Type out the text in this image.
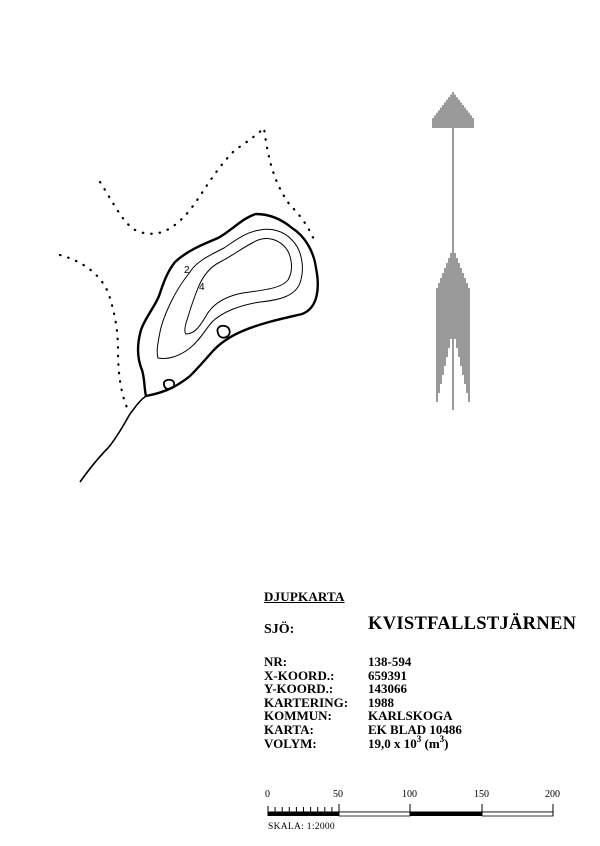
2
4
0	50	100	150	200
SKALA: 1:2000
DJUPKARTA
SJÖ:	KVISTFALLSTJÄRNEN
NR:	138-594
X-KOORD.:	659391
Y-KOORD.:	143066
KARTERING:	1988
KOMMUN:	KARLSKOGA
KARTA:	EK BLAD 10486
VOLYM:	19,0 x $10^3$ $(m^3)$
